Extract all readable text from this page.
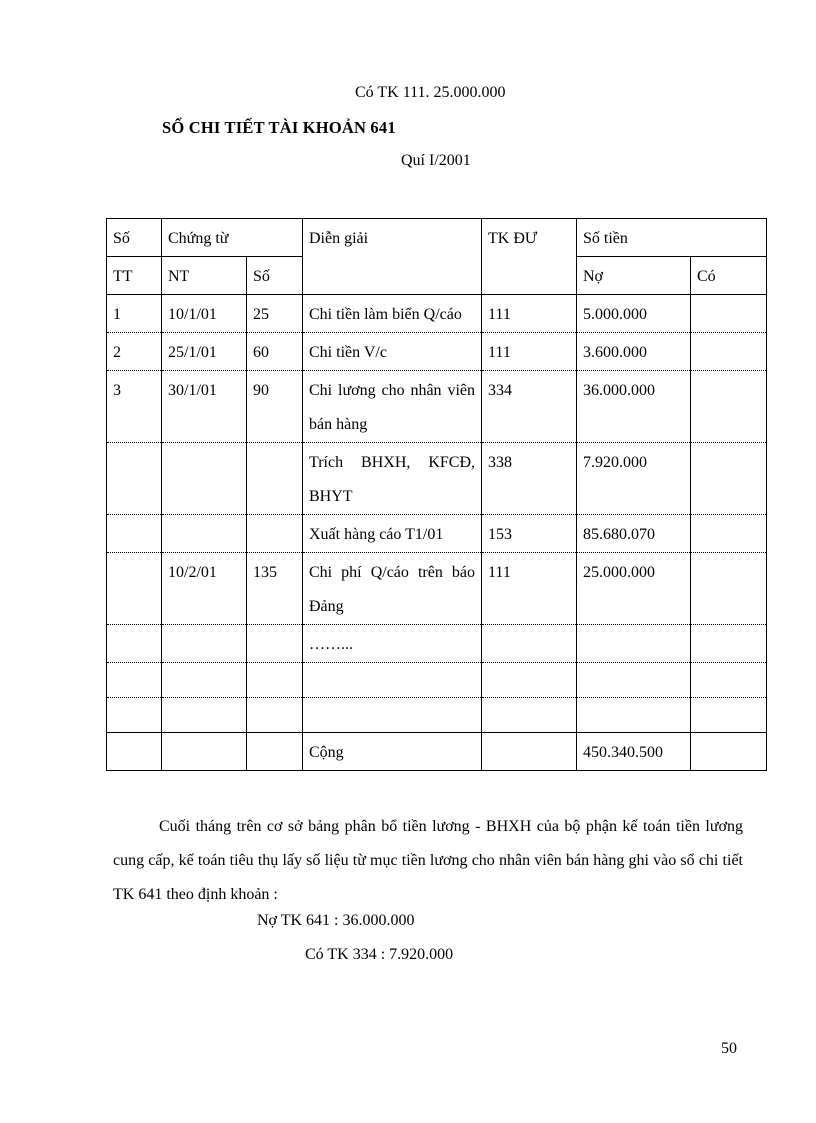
Có TK 111. 25.000.000

SỔ CHI TIẾT TÀI KHOẢN 641

Quí I/2001

Số	Chứng từ		Diễn giải	TK ĐƯ	Số tiền	
TT	NT	Số			Nợ	Có
1	10/1/01	25	Chi tiền làm biển Q/cáo	111	5.000.000	
2	25/1/01	60	Chi tiền V/c	111	3.600.000	
3	30/1/01	90	Chi lương cho nhân viên bán hàng	334	36.000.000	
			Trích BHXH, KFCĐ, BHYT	338	7.920.000	
			Xuất hàng cáo T1/01	153	85.680.070	
	10/2/01	135	Chi phí Q/cáo trên báo Đảng	111	25.000.000	
			……...			

			Cộng		450.340.500	

Cuối tháng trên cơ sở bảng phân bổ tiền lương - BHXH của bộ phận kế toán tiền lương cung cấp, kế toán tiêu thụ lấy số liệu từ mục tiền lương cho nhân viên bán hàng ghi vào sổ chi tiết TK 641 theo định khoản :

Nợ TK 641 : 36.000.000

Có TK 334 : 7.920.000

50
